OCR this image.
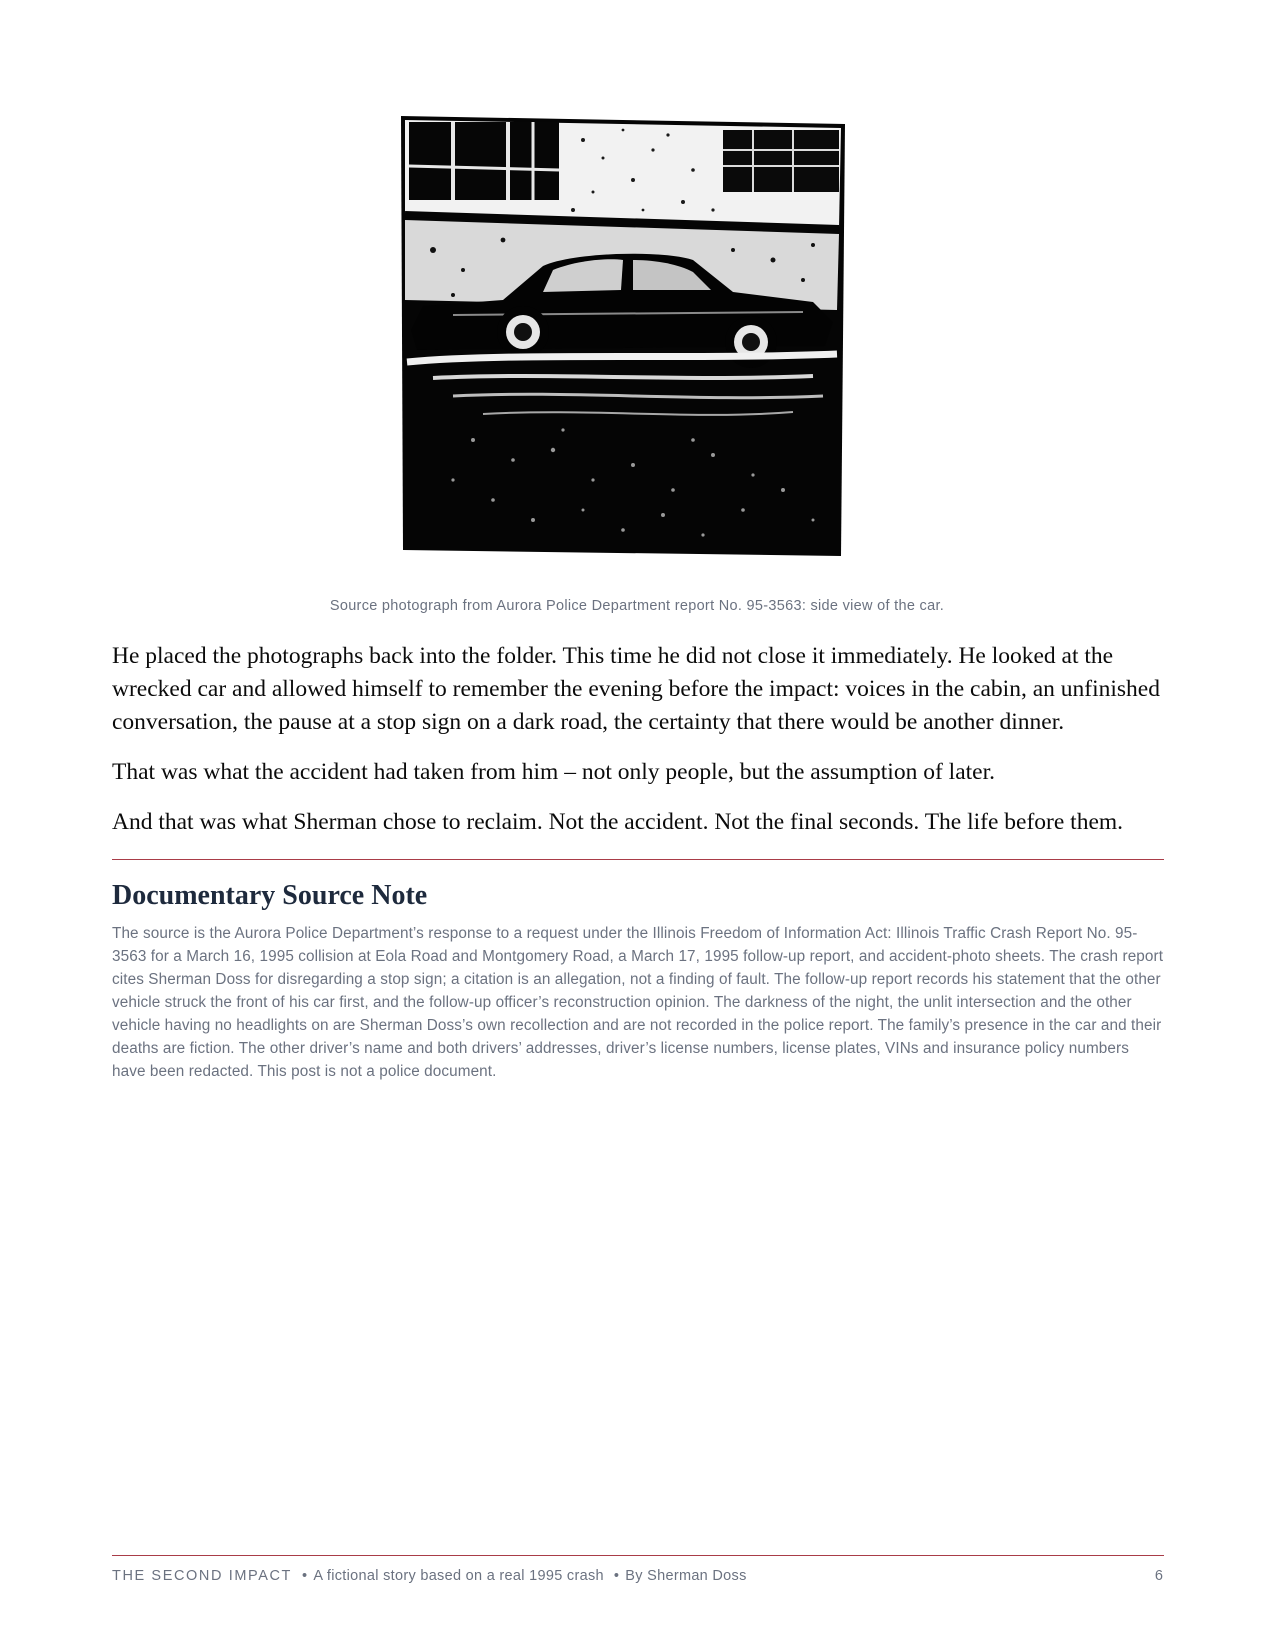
Source photograph from Aurora Police Department report No. 95-3563: side view of the car.

He placed the photographs back into the folder. This time he did not close it immediately. He looked at the wrecked car and allowed himself to remember the evening before the impact: voices in the cabin, an unfinished conversation, the pause at a stop sign on a dark road, the certainty that there would be another dinner.

That was what the accident had taken from him – not only people, but the assumption of later.

And that was what Sherman chose to reclaim. Not the accident. Not the final seconds. The life before them.

Documentary Source Note

The source is the Aurora Police Department’s response to a request under the Illinois Freedom of Information Act: Illinois Traffic Crash Report No. 95-3563 for a March 16, 1995 collision at Eola Road and Montgomery Road, a March 17, 1995 follow-up report, and accident-photo sheets. The crash report cites Sherman Doss for disregarding a stop sign; a citation is an allegation, not a finding of fault. The follow-up report records his statement that the other vehicle struck the front of his car first, and the follow-up officer’s reconstruction opinion. The darkness of the night, the unlit intersection and the other vehicle having no headlights on are Sherman Doss’s own recollection and are not recorded in the police report. The family’s presence in the car and their deaths are fiction. The other driver’s name and both drivers’ addresses, driver’s license numbers, license plates, VINs and insurance policy numbers have been redacted. This post is not a police document.

THE SECOND IMPACT • A fictional story based on a real 1995 crash • By Sherman Doss	6
